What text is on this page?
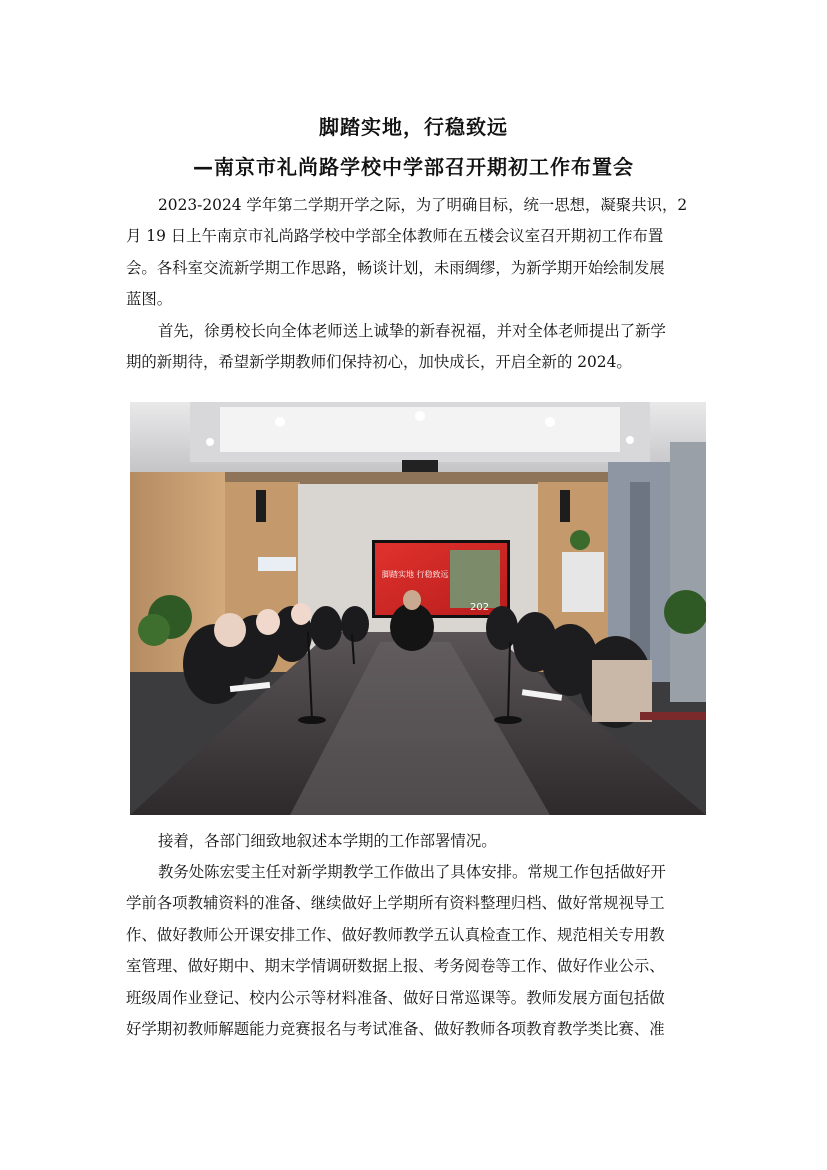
脚踏实地，行稳致远
—南京市礼尚路学校中学部召开期初工作布置会
2023-2024 学年第二学期开学之际，为了明确目标，统一思想，凝聚共识，2
月 19 日上午南京市礼尚路学校中学部全体教师在五楼会议室召开期初工作布置
会。各科室交流新学期工作思路，畅谈计划，未雨绸缪，为新学期开始绘制发展
蓝图。
首先，徐勇校长向全体老师送上诚挚的新春祝福，并对全体老师提出了新学
期的新期待，希望新学期教师们保持初心，加快成长，开启全新的 2024。
脚踏实地 行稳致远
202
接着，各部门细致地叙述本学期的工作部署情况。
教务处陈宏雯主任对新学期教学工作做出了具体安排。常规工作包括做好开
学前各项教辅资料的准备、继续做好上学期所有资料整理归档、做好常规视导工
作、做好教师公开课安排工作、做好教师教学五认真检查工作、规范相关专用教
室管理、做好期中、期末学情调研数据上报、考务阅卷等工作、做好作业公示、
班级周作业登记、校内公示等材料准备、做好日常巡课等。教师发展方面包括做
好学期初教师解题能力竞赛报名与考试准备、做好教师各项教育教学类比赛、准
